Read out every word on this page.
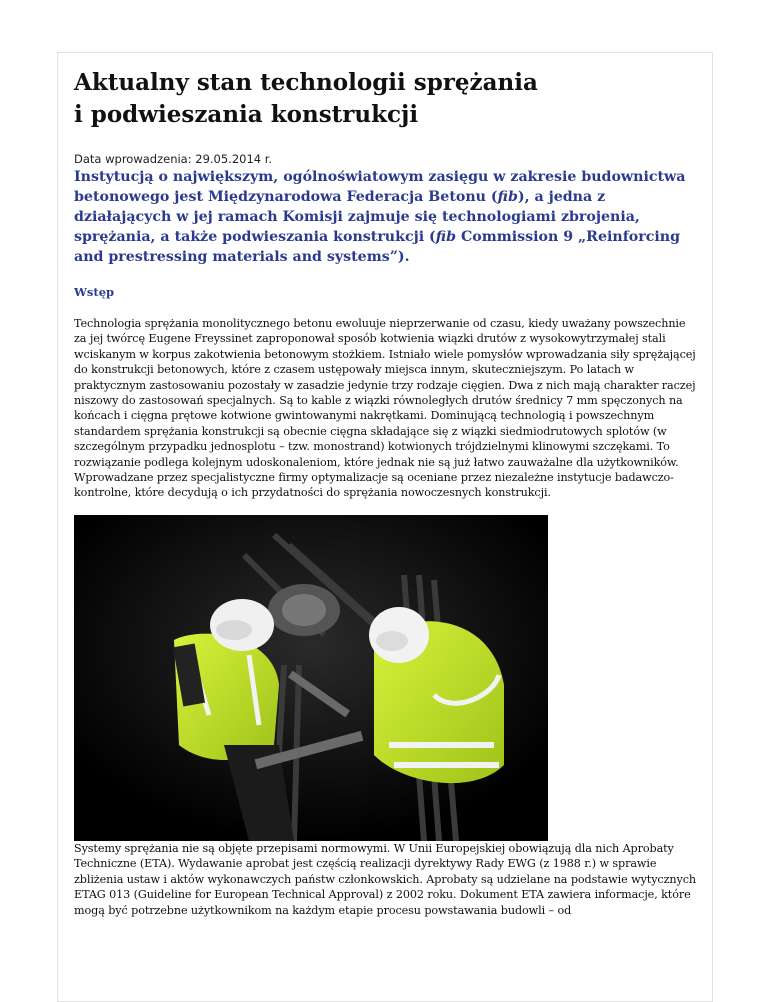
Aktualny stan technologii sprężania i podwieszania konstrukcji
Data wprowadzenia: 29.05.2014 r.

Instytucją o największym, ogólnoświatowym zasięgu w zakresie budownictwa betonowego jest Międzynarodowa Federacja Betonu (fib), a jedna z działających w jej ramach Komisji zajmuje się technologiami zbrojenia, sprężania, a także podwieszania konstrukcji (fib Commission 9 „Reinforcing and prestressing materials and systems”).

Wstęp

Technologia sprężania monolitycznego betonu ewoluuje nieprzerwanie od czasu, kiedy uważany powszechnie za jej twórcę Eugene Freyssinet zaproponował sposób kotwienia wiązki drutów z wysokowytrzymałej stali wciskanym w korpus zakotwienia betonowym stożkiem. Istniało wiele pomysłów wprowadzania siły sprężającej do konstrukcji betonowych, które z czasem ustępowały miejsca innym, skuteczniejszym. Po latach w praktycznym zastosowaniu pozostały w zasadzie jedynie trzy rodzaje cięgien. Dwa z nich mają charakter raczej niszowy do zastosowań specjalnych. Są to kable z wiązki równoległych drutów średnicy 7 mm spęczonych na końcach i cięgna prętowe kotwione gwintowanymi nakrętkami. Dominującą technologią i powszechnym standardem sprężania konstrukcji są obecnie cięgna składające się z wiązki siedmiodrutowych splotów (w szczególnym przypadku jednosplotu – tzw. monostrand) kotwionych trójdzielnymi klinowymi szczękami. To rozwiązanie podlega kolejnym udoskonaleniom, które jednak nie są już łatwo zauważalne dla użytkowników. Wprowadzane przez specjalistyczne firmy optymalizacje są oceniane przez niezależne instytucje badawczo-kontrolne, które decydują o ich przydatności do sprężania nowoczesnych konstrukcji.

Systemy sprężania nie są objęte przepisami normowymi. W Unii Europejskiej obowiązują dla nich Aprobaty Techniczne (ETA). Wydawanie aprobat jest częścią realizacji dyrektywy Rady EWG (z 1988 r.) w sprawie zbliżenia ustaw i aktów wykonawczych państw członkowskich. Aprobaty są udzielane na podstawie wytycznych ETAG 013 (Guideline for European Technical Approval) z 2002 roku. Dokument ETA zawiera informacje, które mogą być potrzebne użytkownikom na każdym etapie procesu powstawania budowli – od
